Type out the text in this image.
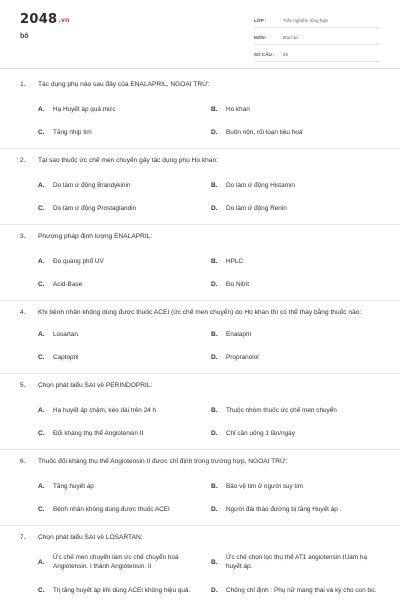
2048.vn
bô
LỚP :	Trắc nghiệm tổng hợp
MÔN :	Đại học
SỐ CÂU :	25
1. Tác dụng phụ nào sau đây của ENALAPRIL, NGOẠI TRỪ:
A.	Hạ Huyết áp quá mức	B.	Ho khan
C.	Tăng nhịp tim	D.	Buồn nôn, rối loạn tiêu hoá
2. Tại sao thuốc ức chế men chuyển gây tác dụng phụ Ho khan:
A.	Do làm ứ động Brandykinin	B.	Do làm ứ động Histamin
C.	Do làm ứ động Prostaglandin	D.	Do làm ứ động Renin
3. Phương pháp định lượng ENALAPRIL:
A.	Đo quang phổ UV	B.	HPLC
C.	Acid-Base	D.	Đo Nitrit
4. Khi bệnh nhân không dùng được thuốc ACEI (ức chế men chuyển) do Ho khan thì có thể thay bằng thuốc nào:
A.	Losartan	B.	Enalapril
C.	Captopril	D.	Propranolol
5. Chọn phát biểu SAI về PERINDOPRIL:
A.	Hạ huyết áp chậm, kéo dài trên 24 h	B.	Thuộc nhóm thuốc ức chế men chuyển
C.	Đối kháng thụ thể Angiotensin II	D.	Chỉ cần uống 1 lần/ngày
6. Thuốc đối kháng thụ thể Angiotensin II được chỉ định trong trường hợp, NGOẠI TRỪ:
A.	Tăng huyết áp	B.	Bảo vệ tim ở người suy tim
C.	Bệnh nhân không dùng được thuốc ACEI	D.	Người đái tháo đường bị tăng Huyết áp .
7. Chọn phát biểu SAI về LOSARTAN:
A.
Ức chế men chuyển làm ức chế chuyển hoá Angiotensin. I thành Angiotensin. II
B.
Ức chế chọn lọc thụ thể AT1 angiotensin II,làm hạ huyết áp.
C.	Trị tăng huyết áp khi dùng ACEI không hiệu quả.	D.	Chống chỉ định : Phụ nữ mang thai và kỳ cho con bú.
